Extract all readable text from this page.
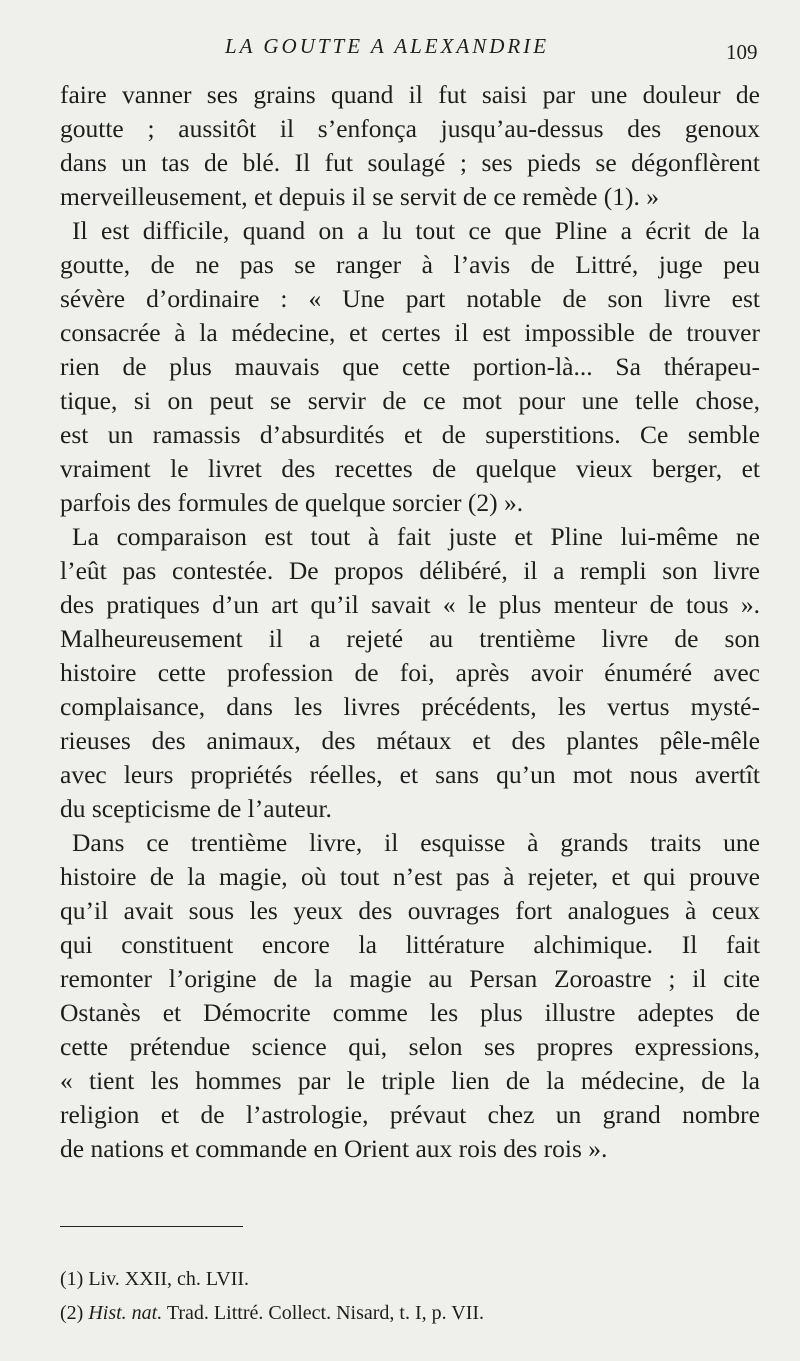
LA GOUTTE A ALEXANDRIE	109
faire vanner ses grains quand il fut saisi par une douleur de
goutte ; aussitôt il s’enfonça jusqu’au-dessus des genoux
dans un tas de blé. Il fut soulagé ; ses pieds se dégonflèrent
merveilleusement, et depuis il se servit de ce remède (1). »
Il est difficile, quand on a lu tout ce que Pline a écrit de la
goutte, de ne pas se ranger à l’avis de Littré, juge peu
sévère d’ordinaire : « Une part notable de son livre est
consacrée à la médecine, et certes il est impossible de trouver
rien de plus mauvais que cette portion-là... Sa thérapeu-
tique, si on peut se servir de ce mot pour une telle chose,
est un ramassis d’absurdités et de superstitions. Ce semble
vraiment le livret des recettes de quelque vieux berger, et
parfois des formules de quelque sorcier (2) ».
La comparaison est tout à fait juste et Pline lui-même ne
l’eût pas contestée. De propos délibéré, il a rempli son livre
des pratiques d’un art qu’il savait « le plus menteur de tous ».
Malheureusement il a rejeté au trentième livre de son
histoire cette profession de foi, après avoir énuméré avec
complaisance, dans les livres précédents, les vertus mysté-
rieuses des animaux, des métaux et des plantes pêle-mêle
avec leurs propriétés réelles, et sans qu’un mot nous avertît
du scepticisme de l’auteur.
Dans ce trentième livre, il esquisse à grands traits une
histoire de la magie, où tout n’est pas à rejeter, et qui prouve
qu’il avait sous les yeux des ouvrages fort analogues à ceux
qui constituent encore la littérature alchimique. Il fait
remonter l’origine de la magie au Persan Zoroastre ; il cite
Ostanès et Démocrite comme les plus illustre adeptes de
cette prétendue science qui, selon ses propres expressions,
« tient les hommes par le triple lien de la médecine, de la
religion et de l’astrologie, prévaut chez un grand nombre
de nations et commande en Orient aux rois des rois ».
(1) Liv. XXII, ch. LVII.
(2) Hist. nat. Trad. Littré. Collect. Nisard, t. I, p. VII.
